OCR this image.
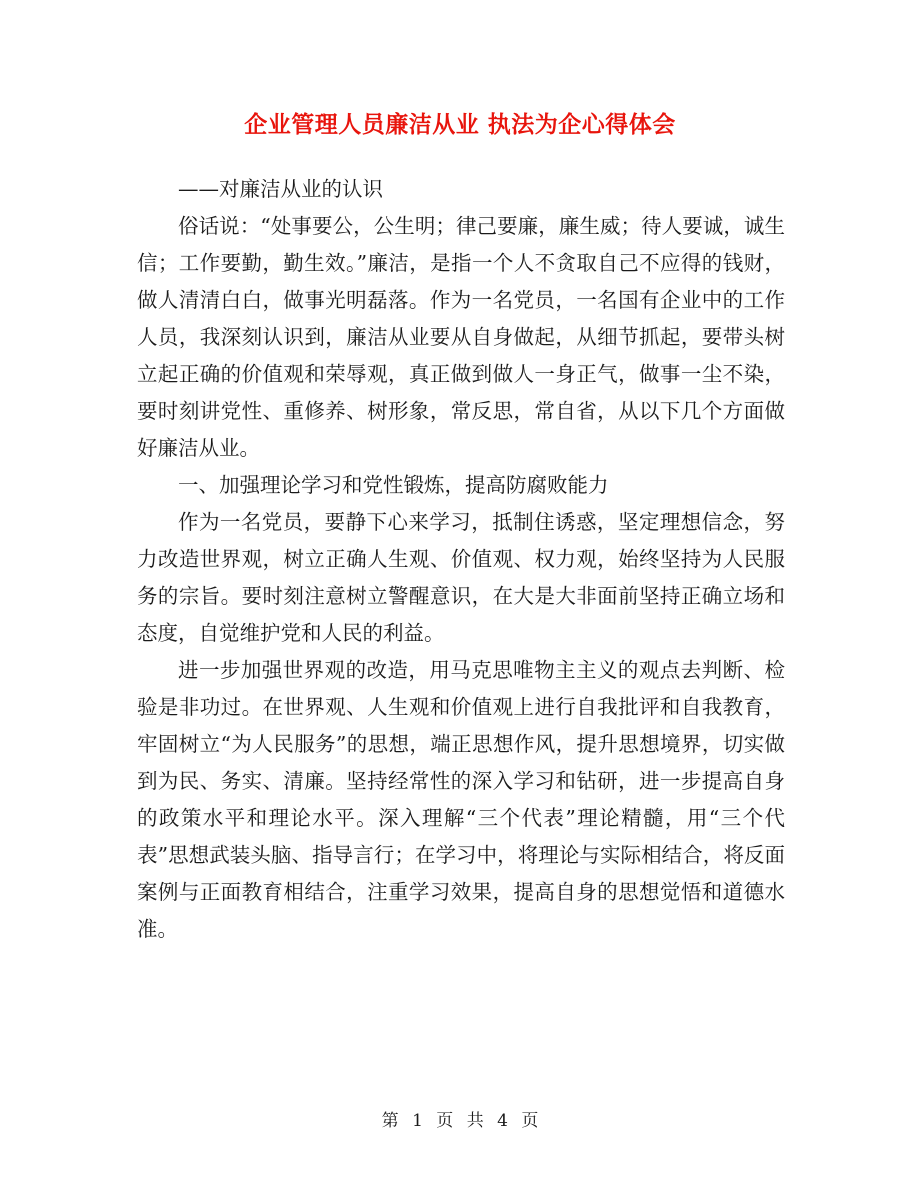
企业管理人员廉洁从业 执法为企心得体会

——对廉洁从业的认识

俗话说：“处事要公，公生明；律己要廉，廉生威；待人要诚，诚生信；工作要勤，勤生效。”廉洁，是指一个人不贪取自己不应得的钱财，做人清清白白，做事光明磊落。作为一名党员，一名国有企业中的工作人员，我深刻认识到，廉洁从业要从自身做起，从细节抓起，要带头树立起正确的价值观和荣辱观，真正做到做人一身正气，做事一尘不染，要时刻讲党性、重修养、树形象，常反思，常自省，从以下几个方面做好廉洁从业。

一、加强理论学习和党性锻炼，提高防腐败能力

作为一名党员，要静下心来学习，抵制住诱惑，坚定理想信念，努力改造世界观，树立正确人生观、价值观、权力观，始终坚持为人民服务的宗旨。要时刻注意树立警醒意识，在大是大非面前坚持正确立场和态度，自觉维护党和人民的利益。

进一步加强世界观的改造，用马克思唯物主主义的观点去判断、检验是非功过。在世界观、人生观和价值观上进行自我批评和自我教育，牢固树立“为人民服务”的思想，端正思想作风，提升思想境界，切实做到为民、务实、清廉。坚持经常性的深入学习和钻研，进一步提高自身的政策水平和理论水平。深入理解“三个代表”理论精髓，用“三个代表”思想武装头脑、指导言行；在学习中，将理论与实际相结合，将反面案例与正面教育相结合，注重学习效果，提高自身的思想觉悟和道德水准。

第 1 页 共 4 页
